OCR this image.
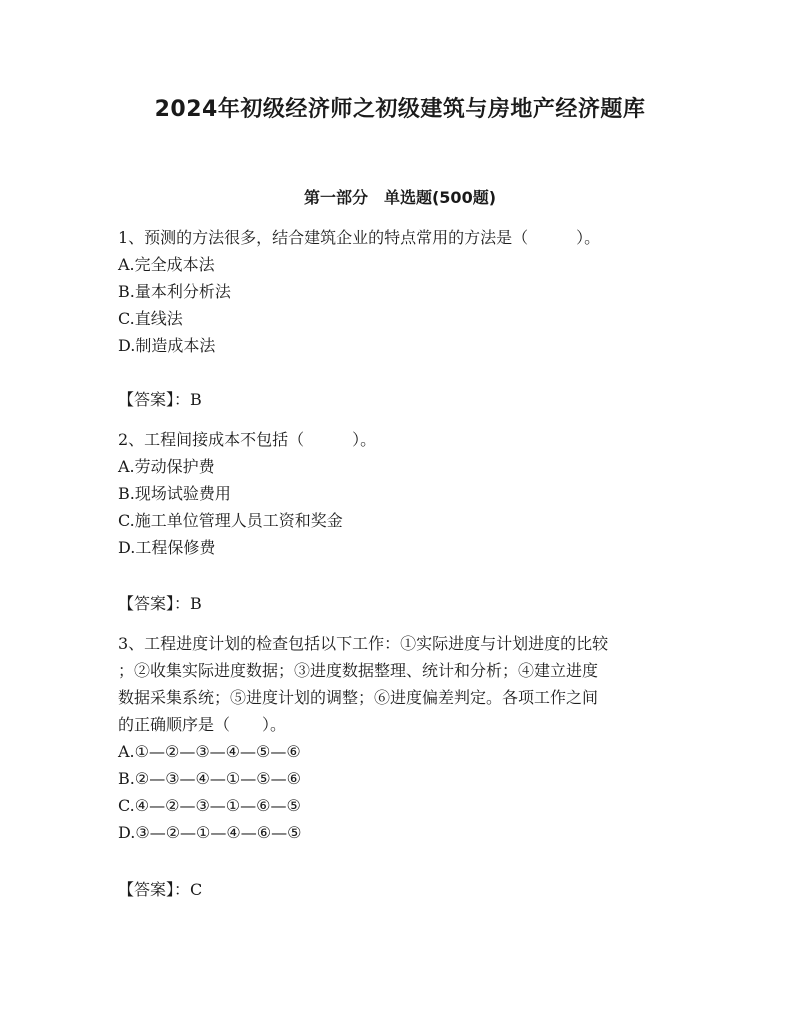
2024年初级经济师之初级建筑与房地产经济题库
第一部分　单选题(500题)
1、预测的方法很多，结合建筑企业的特点常用的方法是（　　　）。
A.完全成本法
B.量本利分析法
C.直线法
D.制造成本法
【答案】：B
2、工程间接成本不包括（　　　）。
A.劳动保护费
B.现场试验费用
C.施工单位管理人员工资和奖金
D.工程保修费
【答案】：B
3、工程进度计划的检查包括以下工作：①实际进度与计划进度的比较
；②收集实际进度数据；③进度数据整理、统计和分析；④建立进度
数据采集系统；⑤进度计划的调整；⑥进度偏差判定。各项工作之间
的正确顺序是（　　）。
A.①—②—③—④—⑤—⑥
B.②—③—④—①—⑤—⑥
C.④—②—③—①—⑥—⑤
D.③—②—①—④—⑥—⑤
【答案】：C
